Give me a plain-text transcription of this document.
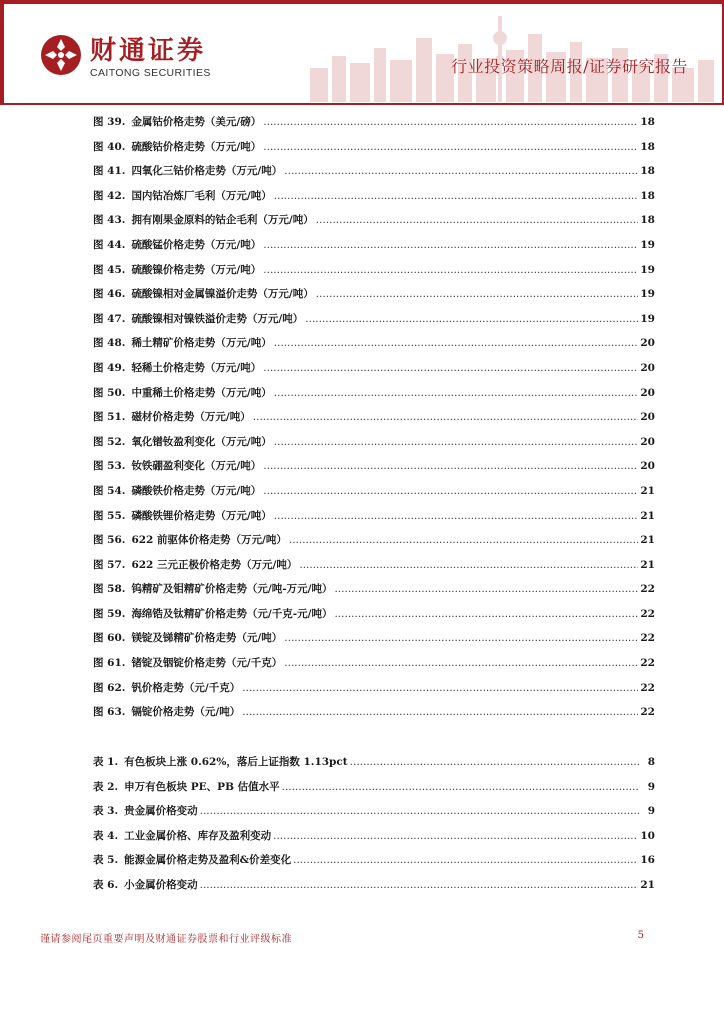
财通证券
CAITONG SECURITIES	行业投资策略周报/证券研究报告
图 39. 金属钴价格走势（美元/磅） .....	18
图 40. 硫酸钴价格走势（万元/吨） .....	18
图 41. 四氧化三钴价格走势（万元/吨） .....	18
图 42. 国内钴冶炼厂毛利（万元/吨） .....	18
图 43. 拥有刚果金原料的钴企毛利（万元/吨） .....	18
图 44. 硫酸锰价格走势（万元/吨） .....	19
图 45. 硫酸镍价格走势（万元/吨） .....	19
图 46. 硫酸镍相对金属镍溢价走势（万元/吨） .....	19
图 47. 硫酸镍相对镍铁溢价走势（万元/吨） .....	19
图 48. 稀土精矿价格走势（万元/吨） .....	20
图 49. 轻稀土价格走势（万元/吨） .....	20
图 50. 中重稀土价格走势（万元/吨） .....	20
图 51. 磁材价格走势（万元/吨） .....	20
图 52. 氧化镨钕盈利变化（万元/吨） .....	20
图 53. 钕铁硼盈利变化（万元/吨） .....	20
图 54. 磷酸铁价格走势（万元/吨） .....	21
图 55. 磷酸铁锂价格走势（万元/吨） .....	21
图 56. 622 前驱体价格走势（万元/吨） .....	21
图 57. 622 三元正极价格走势（万元/吨） .....	21
图 58. 钨精矿及钼精矿价格走势（元/吨-万元/吨） .....	22
图 59. 海绵锆及钛精矿价格走势（元/千克-元/吨） .....	22
图 60. 镁锭及锑精矿价格走势（元/吨） .....	22
图 61. 锗锭及铟锭价格走势（元/千克） .....	22
图 62. 钒价格走势（元/千克） .....	22
图 63. 镉锭价格走势（元/吨） .....	22
表 1. 有色板块上涨 0.62%，落后上证指数 1.13pct .....	8
表 2. 申万有色板块 PE、PB 估值水平 .....	9
表 3. 贵金属价格变动 .....	9
表 4. 工业金属价格、库存及盈利变动 .....	10
表 5. 能源金属价格走势及盈利&价差变化 .....	16
表 6. 小金属价格变动 .....	21
谨请参阅尾页重要声明及财通证券股票和行业评级标准	5
